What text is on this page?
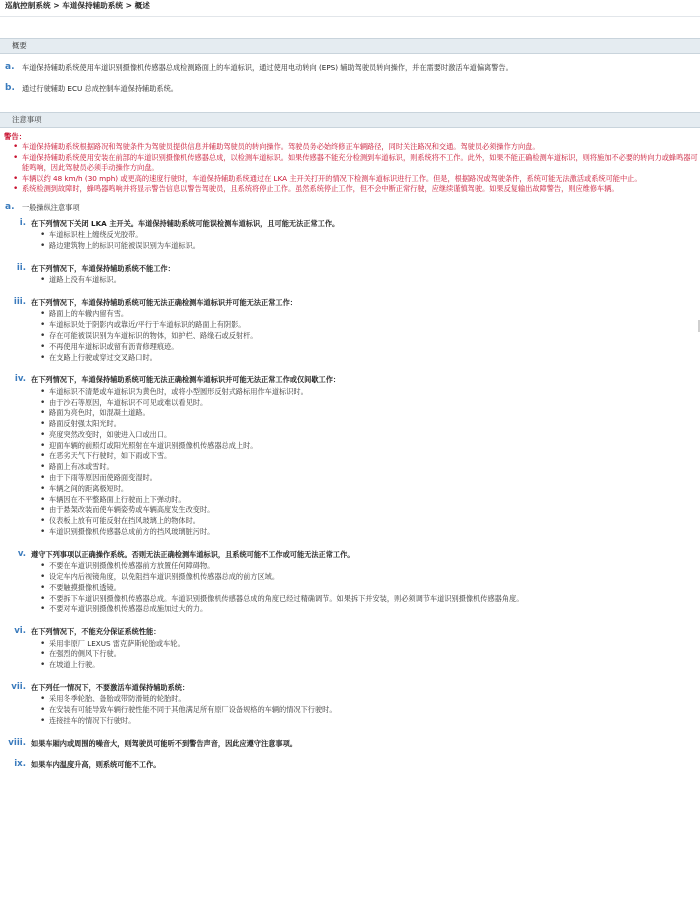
巡航控制系统 > 车道保持辅助系统 > 概述
概要
a. 车道保持辅助系统使用车道识别摄像机传感器总成检测路面上的车道标识，通过使用电动转向 (EPS) 辅助驾驶员转向操作，并在需要时激活车道偏离警告。
b. 通过行驶辅助 ECU 总成控制车道保持辅助系统。
注意事项
警告：
• 车道保持辅助系统根据路况和驾驶条件为驾驶员提供信息并辅助驾驶员的转向操作。驾驶员务必始终修正车辆路径，同时关注路况和交通。驾驶员必须操作方向盘。
• 车道保持辅助系统使用安装在前部的车道识别摄像机传感器总成，以检测车道标识。如果传感器不能充分检测到车道标识，则系统将不工作。此外，如果不能正确检测车道标识，则将施加不必要的转向力或蜂鸣器可能鸣响，因此驾驶员必须手动操作方向盘。
• 车辆以约 48 km/h (30 mph) 或更高的速度行驶时，车道保持辅助系统通过在 LKA 主开关打开的情况下检测车道标识进行工作。但是，根据路况或驾驶条件，系统可能无法激活或系统可能中止。
• 系统检测到故障时，蜂鸣器鸣响并将显示警告信息以警告驾驶员，且系统将停止工作。虽然系统停止工作，但不会中断正常行驶，应继续谨慎驾驶。如果反复输出故障警告，则应维修车辆。
a. 一般操纵注意事项
i. 在下列情况下关闭 LKA 主开关。车道保持辅助系统可能误检测车道标识，且可能无法正常工作。
• 车道标识柱上缠绕反光胶带。
• 路边建筑物上的标识可能被误识别为车道标识。
ii. 在下列情况下，车道保持辅助系统不能工作：
• 道路上没有车道标识。
iii. 在下列情况下，车道保持辅助系统可能无法正确检测车道标识并可能无法正常工作：
• 路面上的车辙内留有雪。
• 车道标识处于阴影内或靠近/平行于车道标识的路面上有阴影。
• 存在可能被误识别为车道标识的物体，如护栏、路缘石或反射杆。
• 不再使用车道标识或留有沥青修理痕迹。
• 在支路上行驶或穿过交叉路口时。
iv. 在下列情况下，车道保持辅助系统可能无法正确检测车道标识并可能无法正常工作或仅间歇工作：
• 车道标识不清楚或车道标识为黄色时，或将小型圆形反射式路标用作车道标识时。
• 由于沙石等原因，车道标识不可见或难以看见时。
• 路面为亮色时，如混凝土道路。
• 路面反射强太阳光时。
• 亮度突然改变时，如驶进入口或出口。
• 迎面车辆的前照灯或阳光照射在车道识别摄像机传感器总成上时。
• 在恶劣天气下行驶时，如下雨或下雪。
• 路面上有冰或雪时。
• 由于下雨等原因而使路面变湿时。
• 车辆之间的距离极短时。
• 车辆因在不平整路面上行驶而上下弹动时。
• 由于悬架改装而使车辆姿势或车辆高度发生改变时。
• 仪表板上放有可能反射在挡风玻璃上的物体时。
• 车道识别摄像机传感器总成前方的挡风玻璃脏污时。
v. 遵守下列事项以正确操作系统。否则无法正确检测车道标识，且系统可能不工作或可能无法正常工作。
• 不要在车道识别摄像机传感器前方放置任何障碍物。
• 设定车内后视镜角度，以免阻挡车道识别摄像机传感器总成的前方区域。
• 不要触摸摄像机透镜。
• 不要拆下车道识别摄像机传感器总成。车道识别摄像机传感器总成的角度已经过精确调节。如果拆下并安装，则必须调节车道识别摄像机传感器角度。
• 不要对车道识别摄像机传感器总成施加过大的力。
vi. 在下列情况下，不能充分保证系统性能：
• 采用非原厂 LEXUS 雷克萨斯轮胎或车轮。
• 在强烈的侧风下行驶。
• 在坡道上行驶。
vii. 在下列任一情况下，不要激活车道保持辅助系统：
• 采用冬季轮胎、备胎或带防滑链的轮胎时。
• 在安装有可能导致车辆行驶性能不同于其他满足所有原厂设备规格的车辆的情况下行驶时。
• 连接挂车的情况下行驶时。
viii. 如果车厢内或周围的噪音大，则驾驶员可能听不到警告声音，因此应遵守注意事项。
ix. 如果车内温度升高，则系统可能不工作。
